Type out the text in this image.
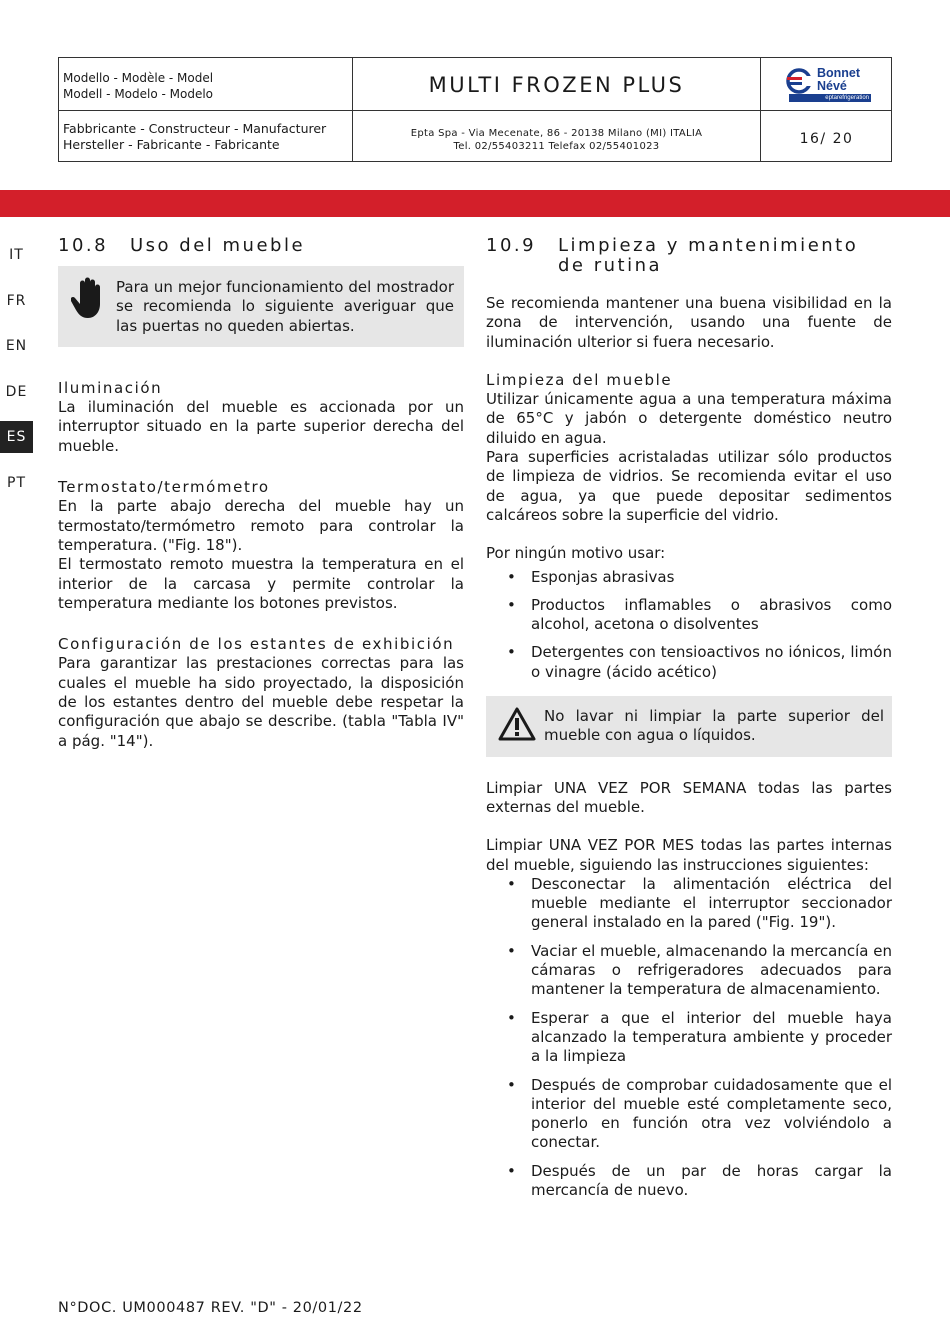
Modello - Modèle - Model
Modell - Modelo - Modelo	MULTI FROZEN PLUS	Bonnet
Névé
eptarefrigeration
Fabbricante - Constructeur - Manufacturer
Hersteller - Fabricante - Fabricante
Epta Spa - Via Mecenate, 86 - 20138 Milano (MI) ITALIA
Tel. 02/55403211 Telefax 02/55401023	16/ 20
IT
FR
EN
DE
ES
PT
10.8	Uso del mueble

Para un mejor funcionamiento del mostrador se recomienda lo siguiente averiguar que las puertas no queden abiertas.

Iluminación

La iluminación del mueble es accionada por un interruptor situado en la parte superior derecha del mueble.

Termostato/termómetro

En la parte abajo derecha del mueble hay un termostato/termómetro remoto para controlar la temperatura. ("Fig. 18").

El termostato remoto muestra la temperatura en el interior de la carcasa y permite controlar la temperatura mediante los botones previstos.

Configuración de los estantes de exhibición

Para garantizar las prestaciones correctas para las cuales el mueble ha sido proyectado, la disposición de los estantes dentro del mueble debe respetar la configuración que abajo se describe. (tabla "Tabla IV" a pág. "14").

10.9	Limpieza y mantenimiento de rutina

Se recomienda mantener una buena visibilidad en la zona de intervención, usando una fuente de iluminación ulterior si fuera necesario.

Limpieza del mueble

Utilizar únicamente agua a una temperatura máxima de 65°C y jabón o detergente doméstico neutro diluido en agua.

Para superficies acristaladas utilizar sólo productos de limpieza de vidrios. Se recomienda evitar el uso de agua, ya que puede depositar sedimentos calcáreos sobre la superficie del vidrio.

Por ningún motivo usar:

• Esponjas abrasivas
• Productos inflamables o abrasivos como alcohol, acetona o disolventes
• Detergentes con tensioactivos no iónicos, limón o vinagre (ácido acético)

No lavar ni limpiar la parte superior del mueble con agua o líquidos.

Limpiar UNA VEZ POR SEMANA todas las partes externas del mueble.

Limpiar UNA VEZ POR MES todas las partes internas del mueble, siguiendo las instrucciones siguientes:

• Desconectar la alimentación eléctrica del mueble mediante el interruptor seccionador general instalado en la pared ("Fig. 19").
• Vaciar el mueble, almacenando la mercancía en cámaras o refrigeradores adecuados para mantener la temperatura de almacenamiento.
• Esperar a que el interior del mueble haya alcanzado la temperatura ambiente y proceder a la limpieza
• Después de comprobar cuidadosamente que el interior del mueble esté completamente seco, ponerlo en función otra vez volviéndolo a conectar.
• Después de un par de horas cargar la mercancía de nuevo.
N°DOC. UM000487 REV. "D" - 20/01/22
